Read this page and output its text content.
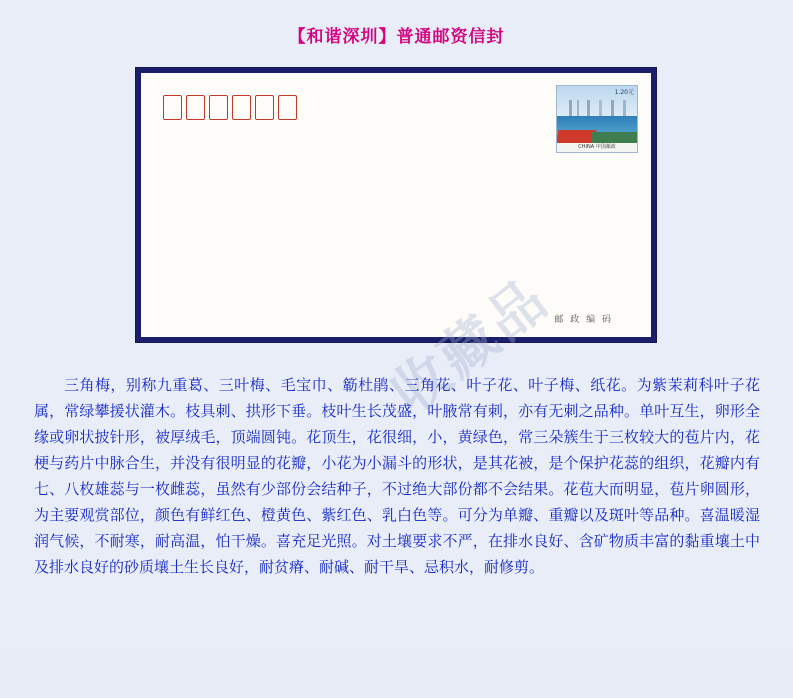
【和谐深圳】普通邮资信封
1.20元
CHINA 中国邮政
邮 政 编 码
收藏品
三角梅，别称九重葛、三叶梅、毛宝巾、簕杜鹃、三角花、叶子花、叶子梅、纸花。为紫茉莉科叶子花属，常绿攀援状灌木。枝具刺、拱形下垂。枝叶生长茂盛，叶腋常有刺，亦有无刺之品种。单叶互生，卵形全缘或卵状披针形，被厚绒毛，顶端圆钝。花顶生，花很细，小，黄绿色，常三朵簇生于三枚较大的苞片内，花梗与药片中脉合生，并没有很明显的花瓣，小花为小漏斗的形状，是其花被，是个保护花蕊的组织，花瓣内有七、八枚雄蕊与一枚雌蕊，虽然有少部份会结种子，不过绝大部份都不会结果。花苞大而明显，苞片卵圆形，为主要观赏部位，颜色有鲜红色、橙黄色、紫红色、乳白色等。可分为单瓣、重瓣以及斑叶等品种。喜温暖湿润气候，不耐寒，耐高温，怕干燥。喜充足光照。对土壤要求不严，在排水良好、含矿物质丰富的黏重壤土中及排水良好的砂质壤土生长良好，耐贫瘠、耐碱、耐干旱、忌积水，耐修剪。
